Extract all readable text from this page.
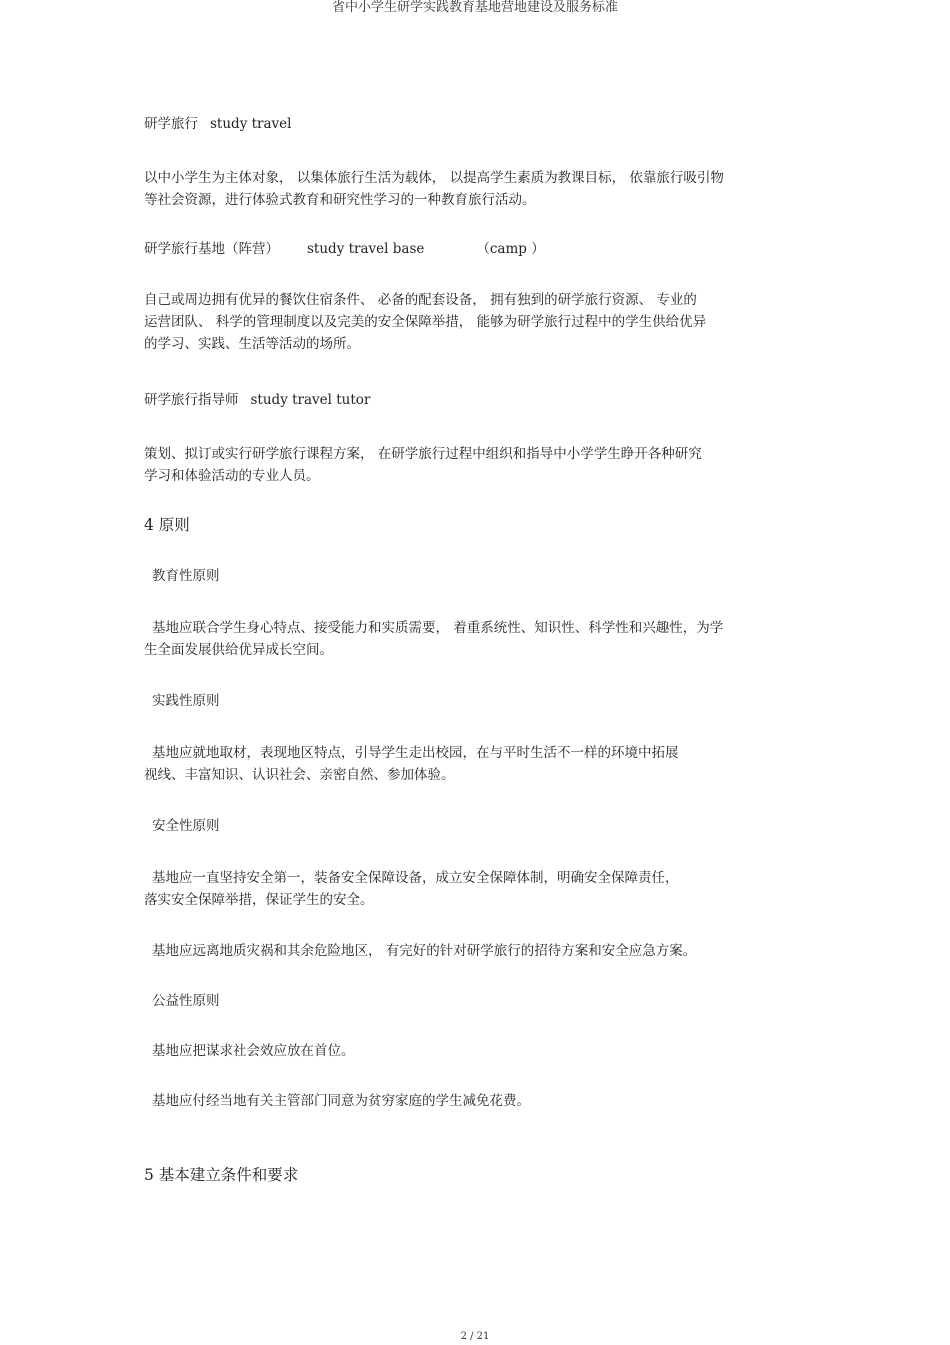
省中小学生研学实践教育基地营地建设及服务标准
研学旅行 study travel
以中小学生为主体对象， 以集体旅行生活为载体， 以提高学生素质为教课目标， 依靠旅行吸引物
等社会资源，进行体验式教育和研究性学习的一种教育旅行活动。
研学旅行基地（阵营） study travel base	（camp ）
自己或周边拥有优异的餐饮住宿条件、 必备的配套设备， 拥有独到的研学旅行资源、 专业的
运营团队、 科学的管理制度以及完美的安全保障举措， 能够为研学旅行过程中的学生供给优异
的学习、实践、生活等活动的场所。
研学旅行指导师 study travel tutor
策划、拟订或实行研学旅行课程方案， 在研学旅行过程中组织和指导中小学学生睁开各种研究
学习和体验活动的专业人员。
4 原则
教育性原则
基地应联合学生身心特点、接受能力和实质需要， 着重系统性、知识性、科学性和兴趣性，为学
生全面发展供给优异成长空间。
实践性原则
基地应就地取材，表现地区特点，引导学生走出校园，在与平时生活不一样的环境中拓展
视线、丰富知识、认识社会、亲密自然、参加体验。
安全性原则
基地应一直坚持安全第一，装备安全保障设备，成立安全保障体制，明确安全保障责任，
落实安全保障举措，保证学生的安全。
基地应远离地质灾祸和其余危险地区， 有完好的针对研学旅行的招待方案和安全应急方案。
公益性原则
基地应把谋求社会效应放在首位。
基地应付经当地有关主管部门同意为贫穷家庭的学生减免花费。
5 基本建立条件和要求
2 / 21
